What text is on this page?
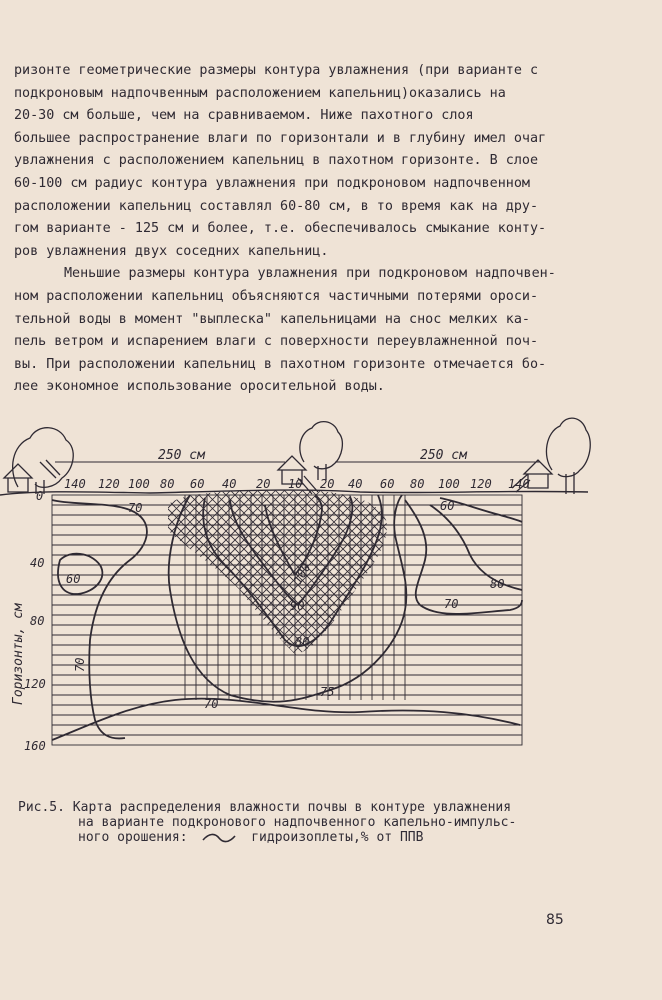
ризонте геометрические размеры контура увлажнения (при варианте с
подкроновым надпочвенным расположением капельниц)оказались на
20-30 см больше, чем на сравниваемом. Ниже пахотного слоя
большее распространение влаги по горизонтали и в глубину имел очаг
увлажнения с расположением капельниц в пахотном горизонте. В слое
60-100 см радиус контура увлажнения при подкроновом надпочвенном
расположении капельниц составлял 60-80 см, в то время как на дру-
гом варианте - 125 см и более, т.е. обеспечивалось смыкание конту-
ров увлажнения двух соседних капельниц.

Меньшие размеры контура увлажнения при подкроновом надпочвен-
ном расположении капельниц объясняются частичными потерями ороси-
тельной воды в момент "выплеска" капельницами на снос мелких ка-
пель ветром и испарением влаги с поверхности переувлажненной поч-
вы. При расположении капельниц в пахотном горизонте отмечается бо-
лее экономное использование оросительной воды.

250 см	250 см
140 120 100 80 60 40 20 10 20 40 60 80 100 120 140
Горизонты, см
0
40
80
120
160
70
60
70
100
90
80
75
70
70
80
60
Рис.5. Карта распределения влажности почвы в контуре увлажнения
на варианте подкронового надпочвенного капельно-импульс-
ного орошения:	гидроизоплеты,% от ППВ
85
